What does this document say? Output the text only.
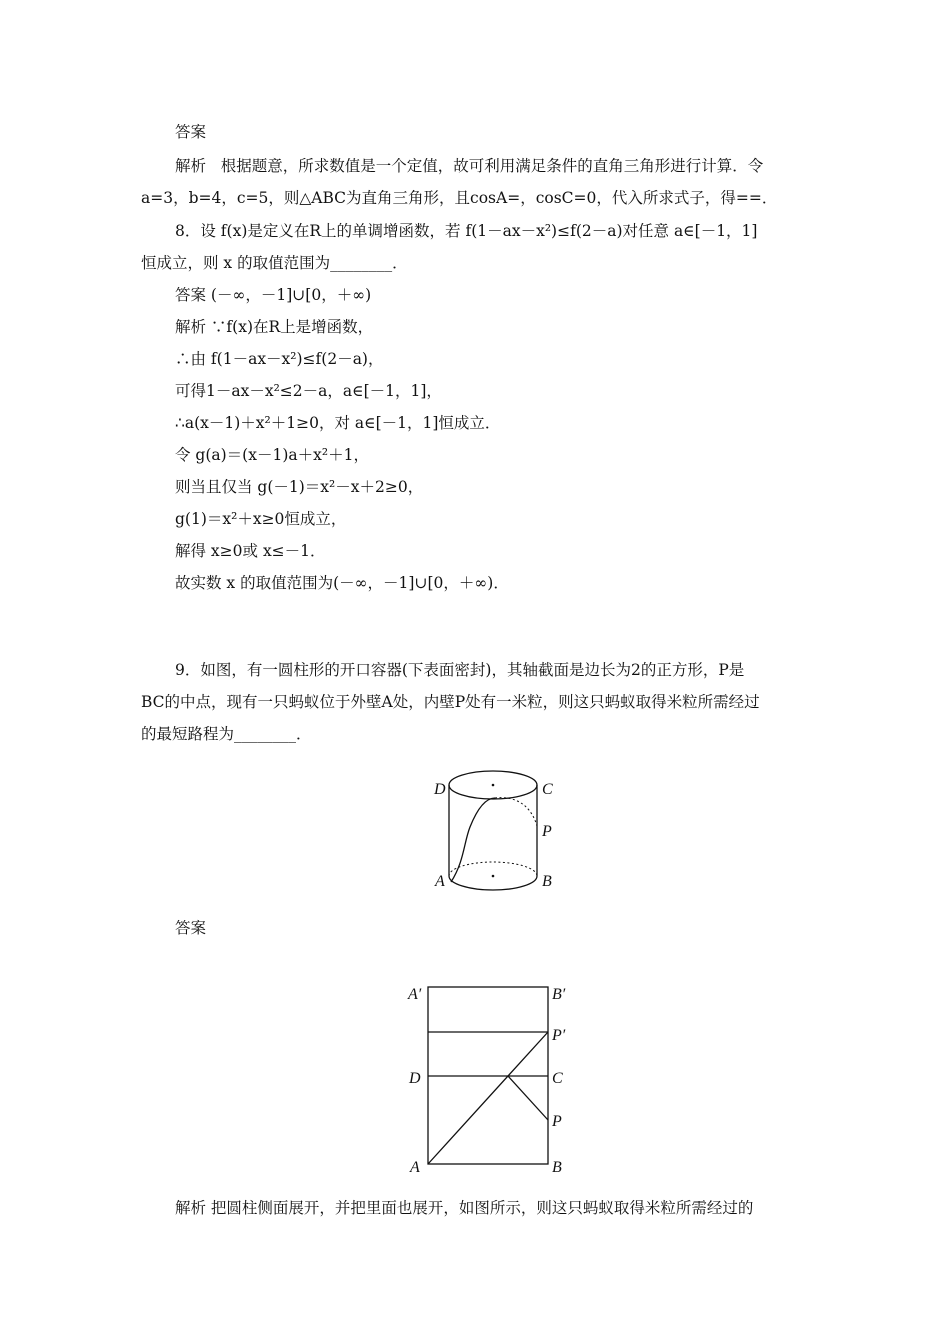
答案
解析 根据题意，所求数值是一个定值，故可利用满足条件的直角三角形进行计算．令
a=3，b=4，c=5，则△ABC为直角三角形，且cosA=，cosC=0，代入所求式子，得==．
8．设 f(x)是定义在R上的单调增函数，若 f(1－ax－x²)≤f(2－a)对任意 a∈[－1，1]
恒成立，则 x 的取值范围为________．
答案 (－∞，－1]∪[0，＋∞)
解析 ∵f(x)在R上是增函数，
∴由 f(1－ax－x²)≤f(2－a)，
可得1－ax－x²≤2－a，a∈[－1，1]，
∴a(x－1)＋x²＋1≥0，对 a∈[－1，1]恒成立．
令 g(a)＝(x－1)a＋x²＋1，
则当且仅当 g(－1)＝x²－x＋2≥0，
g(1)＝x²＋x≥0恒成立，
解得 x≥0或 x≤－1．
故实数 x 的取值范围为(－∞，－1]∪[0，＋∞)．
9．如图，有一圆柱形的开口容器(下表面密封)，其轴截面是边长为2的正方形，P是
BC的中点，现有一只蚂蚁位于外壁A处，内壁P处有一米粒，则这只蚂蚁取得米粒所需经过
的最短路程为________．
D	C
P
A	B
答案
A′	B′
P′
D	C
P
A	B
解析 把圆柱侧面展开，并把里面也展开，如图所示，则这只蚂蚁取得米粒所需经过的
